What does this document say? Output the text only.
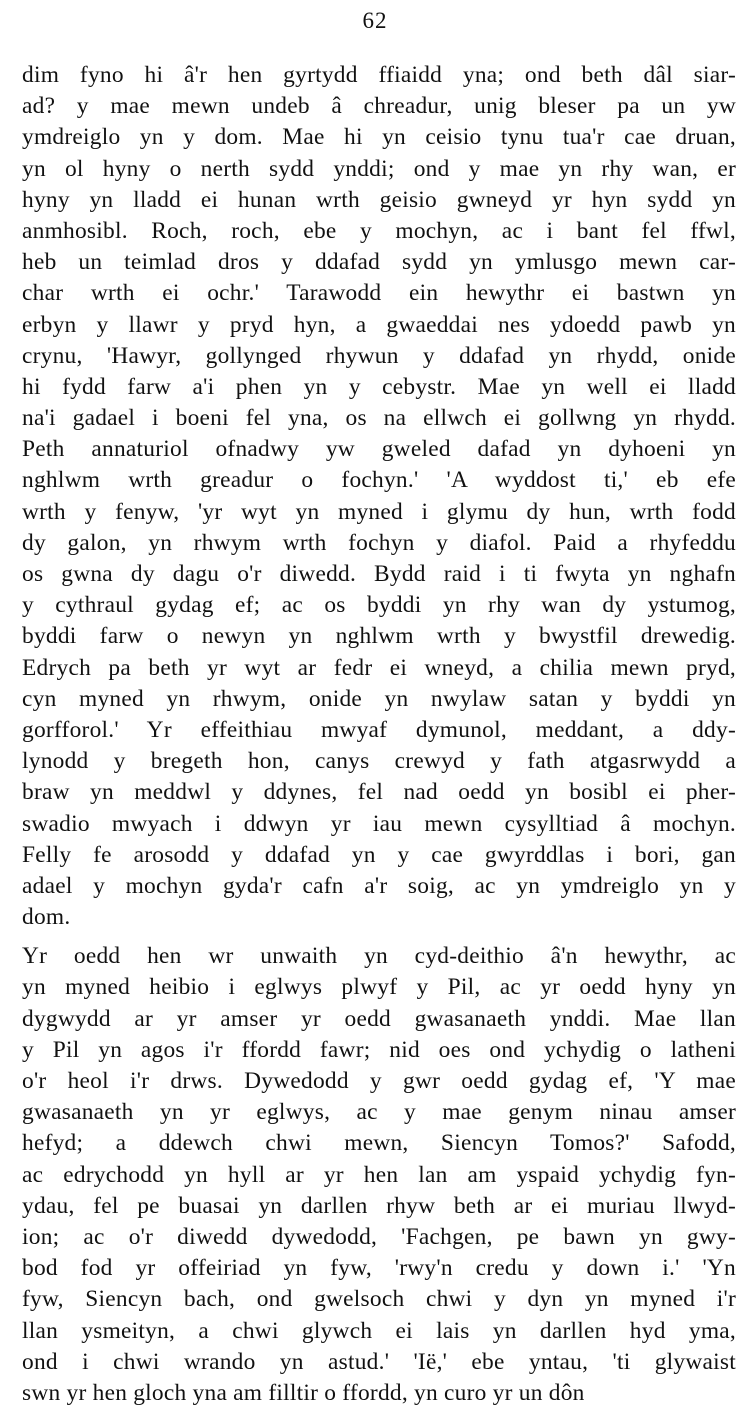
62
dim fyno hi â'r hen gyrtydd ffiaidd yna; ond beth dâl siar-
ad? y mae mewn undeb â chreadur, unig bleser pa un yw
ymdreiglo yn y dom. Mae hi yn ceisio tynu tua'r cae druan,
yn ol hyny o nerth sydd ynddi; ond y mae yn rhy wan, er
hyny yn lladd ei hunan wrth geisio gwneyd yr hyn sydd yn
anmhosibl. Roch, roch, ebe y mochyn, ac i bant fel ffwl,
heb un teimlad dros y ddafad sydd yn ymlusgo mewn car-
char wrth ei ochr.' Tarawodd ein hewythr ei bastwn yn
erbyn y llawr y pryd hyn, a gwaeddai nes ydoedd pawb yn
crynu, 'Hawyr, gollynged rhywun y ddafad yn rhydd, onide
hi fydd farw a'i phen yn y cebystr. Mae yn well ei lladd
na'i gadael i boeni fel yna, os na ellwch ei gollwng yn rhydd.
Peth annaturiol ofnadwy yw gweled dafad yn dyhoeni yn
nghlwm wrth greadur o fochyn.' 'A wyddost ti,' eb efe
wrth y fenyw, 'yr wyt yn myned i glymu dy hun, wrth fodd
dy galon, yn rhwym wrth fochyn y diafol. Paid a rhyfeddu
os gwna dy dagu o'r diwedd. Bydd raid i ti fwyta yn nghafn
y cythraul gydag ef; ac os byddi yn rhy wan dy ystumog,
byddi farw o newyn yn nghlwm wrth y bwystfil drewedig.
Edrych pa beth yr wyt ar fedr ei wneyd, a chilia mewn pryd,
cyn myned yn rhwym, onide yn nwylaw satan y byddi yn
gorfforol.' Yr effeithiau mwyaf dymunol, meddant, a ddy-
lynodd y bregeth hon, canys crewyd y fath atgasrwydd a
braw yn meddwl y ddynes, fel nad oedd yn bosibl ei pher-
swadio mwyach i ddwyn yr iau mewn cysylltiad â mochyn.
Felly fe arosodd y ddafad yn y cae gwyrddlas i bori, gan
adael y mochyn gyda'r cafn a'r soig, ac yn ymdreiglo yn y
dom.
Yr oedd hen wr unwaith yn cyd-deithio â'n hewythr, ac
yn myned heibio i eglwys plwyf y Pil, ac yr oedd hyny yn
dygwydd ar yr amser yr oedd gwasanaeth ynddi. Mae llan
y Pil yn agos i'r ffordd fawr; nid oes ond ychydig o latheni
o'r heol i'r drws. Dywedodd y gwr oedd gydag ef, 'Y mae
gwasanaeth yn yr eglwys, ac y mae genym ninau amser
hefyd; a ddewch chwi mewn, Siencyn Tomos?' Safodd,
ac edrychodd yn hyll ar yr hen lan am yspaid ychydig fyn-
ydau, fel pe buasai yn darllen rhyw beth ar ei muriau llwyd-
ion; ac o'r diwedd dywedodd, 'Fachgen, pe bawn yn gwy-
bod fod yr offeiriad yn fyw, 'rwy'n credu y down i.' 'Yn
fyw, Siencyn bach, ond gwelsoch chwi y dyn yn myned i'r
llan ysmeityn, a chwi glywch ei lais yn darllen hyd yma,
ond i chwi wrando yn astud.' 'Ië,' ebe yntau, 'ti glywaist
swn yr hen gloch yna am filltir o ffordd, yn curo yr un dôn
